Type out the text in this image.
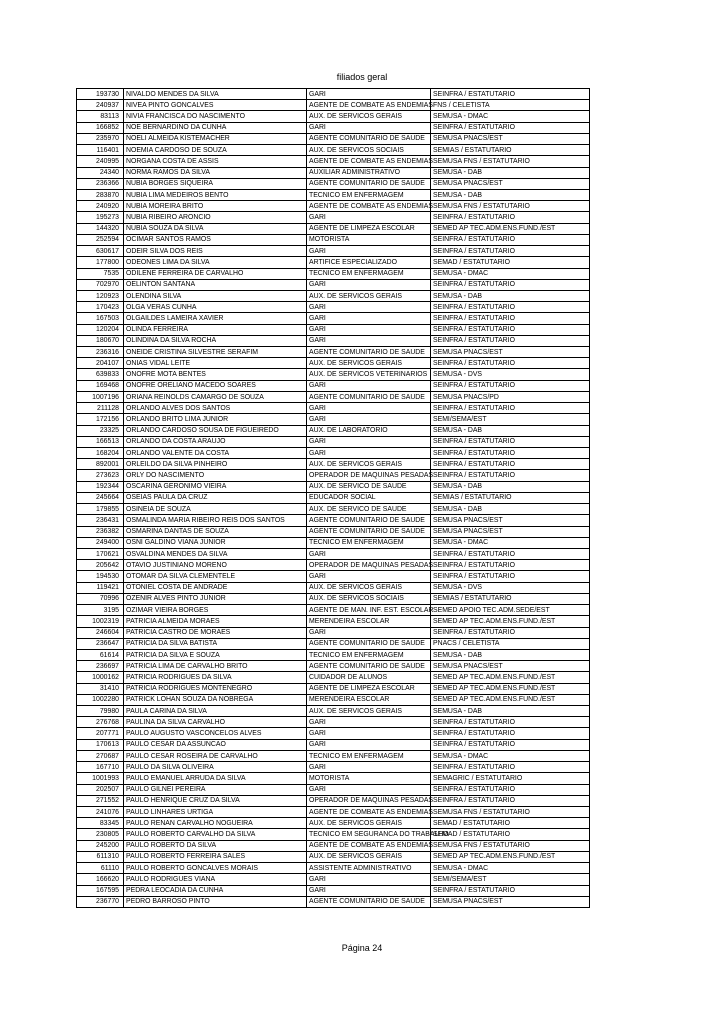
filiados geral
193730	NIVALDO MENDES DA SILVA	GARI	SEINFRA / ESTATUTARIO
240937	NIVEA PINTO GONCALVES	AGENTE DE COMBATE AS ENDEMIAS	FNS / CELETISTA
83113	NIVIA FRANCISCA DO NASCIMENTO	AUX. DE SERVICOS GERAIS	SEMUSA - DMAC
166852	NOE BERNARDINO DA CUNHA	GARI	SEINFRA / ESTATUTARIO
235970	NOELI ALMEIDA KISTEMACHER	AGENTE COMUNITARIO DE SAUDE	SEMUSA PNACS/EST
116401	NOEMIA CARDOSO DE SOUZA	AUX. DE SERVICOS SOCIAIS	SEMIAS / ESTATUTARIO
240995	NORGANA COSTA DE ASSIS	AGENTE DE COMBATE AS ENDEMIAS	SEMUSA FNS / ESTATUTARIO
24340	NORMA RAMOS DA SILVA	AUXILIAR ADMINISTRATIVO	SEMUSA - DAB
236366	NUBIA BORGES SIQUEIRA	AGENTE COMUNITARIO DE SAUDE	SEMUSA PNACS/EST
283870	NUBIA LIMA MEDEIROS BENTO	TECNICO EM ENFERMAGEM	SEMUSA - DAB
240920	NUBIA MOREIRA BRITO	AGENTE DE COMBATE AS ENDEMIAS	SEMUSA FNS / ESTATUTARIO
195273	NUBIA RIBEIRO ARONCIO	GARI	SEINFRA / ESTATUTARIO
144320	NUBIA SOUZA DA SILVA	AGENTE DE LIMPEZA ESCOLAR	SEMED AP TEC.ADM.ENS.FUND./EST
252594	OCIMAR SANTOS RAMOS	MOTORISTA	SEINFRA / ESTATUTARIO
630617	ODEIR SILVA DOS REIS	GARI	SEINFRA / ESTATUTARIO
177800	ODEONES LIMA DA SILVA	ARTIFICE ESPECIALIZADO	SEMAD / ESTATUTARIO
7535	ODILENE FERREIRA DE CARVALHO	TECNICO EM ENFERMAGEM	SEMUSA - DMAC
702970	OELINTON SANTANA	GARI	SEINFRA / ESTATUTARIO
120923	OLENDINA SILVA	AUX. DE SERVICOS GERAIS	SEMUSA - DAB
170423	OLGA VERAS CUNHA	GARI	SEINFRA / ESTATUTARIO
167503	OLGAILDES LAMEIRA XAVIER	GARI	SEINFRA / ESTATUTARIO
120204	OLINDA FERREIRA	GARI	SEINFRA / ESTATUTARIO
180670	OLINDINA DA SILVA ROCHA	GARI	SEINFRA / ESTATUTARIO
236316	ONEIDE CRISTINA SILVESTRE SERAFIM	AGENTE COMUNITARIO DE SAUDE	SEMUSA PNACS/EST
204107	ONIAS VIDAL LEITE	AUX. DE SERVICOS GERAIS	SEINFRA / ESTATUTARIO
639833	ONOFRE MOTA BENTES	AUX. DE SERVICOS VETERINARIOS	SEMUSA - DVS
169468	ONOFRE ORELIANO MACEDO SOARES	GARI	SEINFRA / ESTATUTARIO
1007196	ORIANA REINOLDS CAMARGO DE SOUZA	AGENTE COMUNITARIO DE SAUDE	SEMUSA PNACS/PD
211128	ORLANDO ALVES DOS SANTOS	GARI	SEINFRA / ESTATUTARIO
172156	ORLANDO BRITO LIMA JUNIOR	GARI	SEMI/SEMA/EST
23325	ORLANDO CARDOSO SOUSA DE FIGUEIREDO	AUX. DE LABORATORIO	SEMUSA - DAB
166513	ORLANDO DA COSTA ARAUJO	GARI	SEINFRA / ESTATUTARIO
168204	ORLANDO VALENTE DA COSTA	GARI	SEINFRA / ESTATUTARIO
892001	ORLEILDO DA SILVA PINHEIRO	AUX. DE SERVICOS GERAIS	SEINFRA / ESTATUTARIO
273623	ORLY DO NASCIMENTO	OPERADOR DE MAQUINAS PESADAS	SEINFRA / ESTATUTARIO
192344	OSCARINA GERONIMO VIEIRA	AUX. DE SERVICO DE SAUDE	SEMUSA - DAB
245664	OSEIAS PAULA DA CRUZ	EDUCADOR SOCIAL	SEMIAS / ESTATUTARIO
179855	OSINEIA DE SOUZA	AUX. DE SERVICO DE SAUDE	SEMUSA - DAB
236431	OSMALINDA MARIA RIBEIRO REIS DOS SANTOS	AGENTE COMUNITARIO DE SAUDE	SEMUSA PNACS/EST
236382	OSMARINA DANTAS DE SOUZA	AGENTE COMUNITARIO DE SAUDE	SEMUSA PNACS/EST
249400	OSNI GALDINO VIANA JUNIOR	TECNICO EM ENFERMAGEM	SEMUSA - DMAC
170621	OSVALDINA MENDES DA SILVA	GARI	SEINFRA / ESTATUTARIO
205642	OTAVIO JUSTINIANO MORENO	OPERADOR DE MAQUINAS PESADAS	SEINFRA / ESTATUTARIO
194530	OTOMAR DA SILVA CLEMENTELE	GARI	SEINFRA / ESTATUTARIO
119421	OTONIEL COSTA DE ANDRADE	AUX. DE SERVICOS GERAIS	SEMUSA - DVS
70996	OZENIR ALVES PINTO JUNIOR	AUX. DE SERVICOS SOCIAIS	SEMIAS / ESTATUTARIO
3195	OZIMAR VIEIRA BORGES	AGENTE DE MAN. INF. EST. ESCOLAR	SEMED APOIO TEC.ADM.SEDE/EST
1002319	PATRICIA ALMEIDA MORAES	MERENDEIRA ESCOLAR	SEMED AP TEC.ADM.ENS.FUND./EST
246604	PATRICIA CASTRO DE MORAES	GARI	SEINFRA / ESTATUTARIO
236647	PATRICIA DA SILVA BATISTA	AGENTE COMUNITARIO DE SAUDE	PNACS / CELETISTA
61614	PATRICIA DA SILVA E SOUZA	TECNICO EM ENFERMAGEM	SEMUSA - DAB
236697	PATRICIA LIMA DE CARVALHO BRITO	AGENTE COMUNITARIO DE SAUDE	SEMUSA PNACS/EST
1000162	PATRICIA RODRIGUES DA SILVA	CUIDADOR DE ALUNOS	SEMED AP TEC.ADM.ENS.FUND./EST
31410	PATRICIA RODRIGUES MONTENEGRO	AGENTE DE LIMPEZA ESCOLAR	SEMED AP TEC.ADM.ENS.FUND./EST
1002280	PATRICK LOHAN SOUZA DA NOBREGA	MERENDEIRA ESCOLAR	SEMED AP TEC.ADM.ENS.FUND./EST
79980	PAULA CARINA DA SILVA	AUX. DE SERVICOS GERAIS	SEMUSA - DAB
276768	PAULINA DA SILVA CARVALHO	GARI	SEINFRA / ESTATUTARIO
207771	PAULO AUGUSTO VASCONCELOS ALVES	GARI	SEINFRA / ESTATUTARIO
170613	PAULO CESAR DA ASSUNCAO	GARI	SEINFRA / ESTATUTARIO
270687	PAULO CESAR ROSEIRA DE CARVALHO	TECNICO EM ENFERMAGEM	SEMUSA - DMAC
167710	PAULO DA SILVA OLIVEIRA	GARI	SEINFRA / ESTATUTARIO
1001993	PAULO EMANUEL ARRUDA DA SILVA	MOTORISTA	SEMAGRIC / ESTATUTARIO
202507	PAULO GILNEI PEREIRA	GARI	SEINFRA / ESTATUTARIO
271552	PAULO HENRIQUE CRUZ DA SILVA	OPERADOR DE MAQUINAS PESADAS	SEINFRA / ESTATUTARIO
241076	PAULO LINHARES URTIGA	AGENTE DE COMBATE AS ENDEMIAS	SEMUSA FNS / ESTATUTARIO
83345	PAULO RENAN CARVALHO NOGUEIRA	AUX. DE SERVICOS GERAIS	SEMAD / ESTATUTARIO
230805	PAULO ROBERTO CARVALHO DA SILVA	TECNICO EM SEGURANCA DO TRABALHO	SEMAD / ESTATUTARIO
245200	PAULO ROBERTO DA SILVA	AGENTE DE COMBATE AS ENDEMIAS	SEMUSA FNS / ESTATUTARIO
611310	PAULO ROBERTO FERREIRA SALES	AUX. DE SERVICOS GERAIS	SEMED AP TEC.ADM.ENS.FUND./EST
61110	PAULO ROBERTO GONCALVES MORAIS	ASSISTENTE ADMINISTRATIVO	SEMUSA - DMAC
166620	PAULO RODRIGUES VIANA	GARI	SEMI/SEMA/EST
167595	PEDRA LEOCADIA DA CUNHA	GARI	SEINFRA / ESTATUTARIO
236770	PEDRO BARROSO PINTO	AGENTE COMUNITARIO DE SAUDE	SEMUSA PNACS/EST
Página 24
